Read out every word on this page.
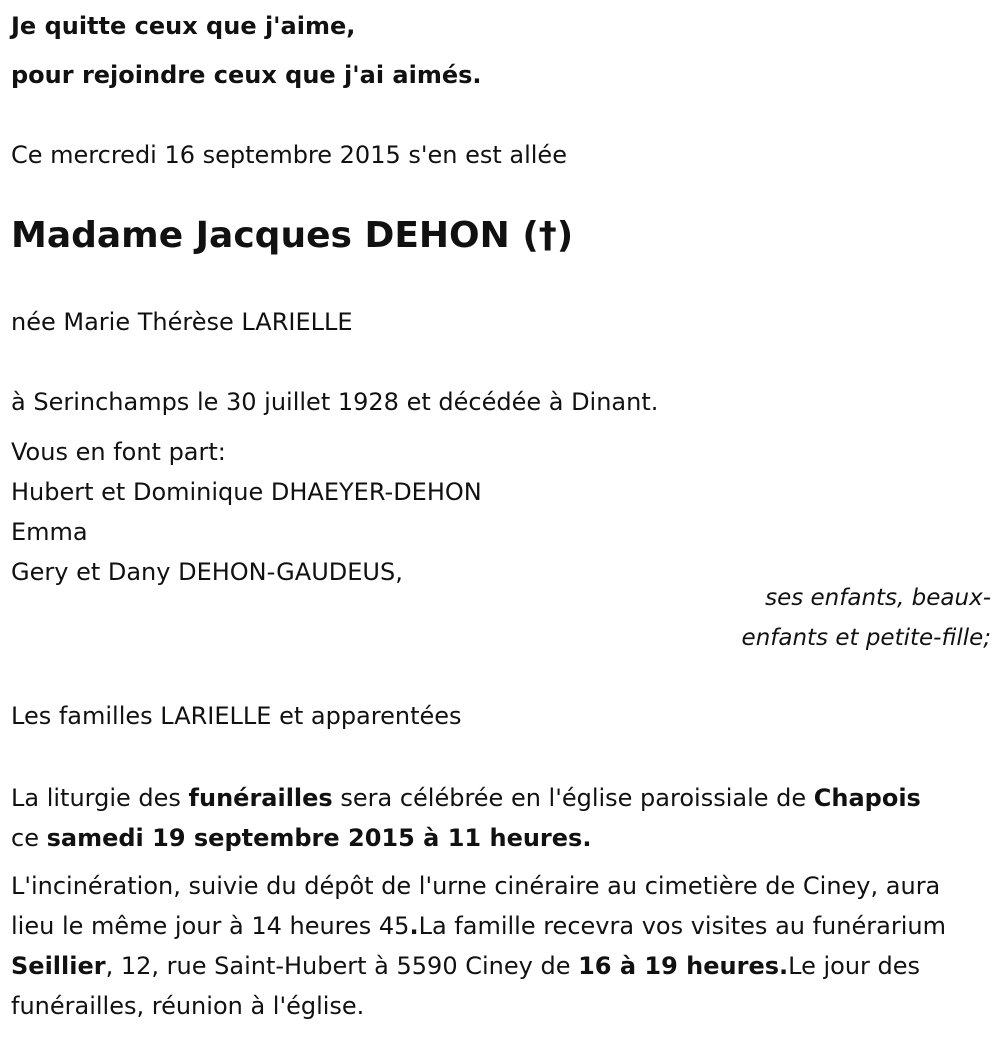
Je quitte ceux que j'aime,
pour rejoindre ceux que j'ai aimés.
Ce mercredi 16 septembre 2015 s'en est allée
Madame Jacques DEHON (†)
née Marie Thérèse LARIELLE
à Serinchamps le 30 juillet 1928 et décédée à Dinant.
Vous en font part:
Hubert et Dominique DHAEYER-DEHON
Emma
Gery et Dany DEHON-GAUDEUS,
ses enfants, beaux-enfants et petite-fille;
Les familles LARIELLE et apparentées
La liturgie des funérailles sera célébrée en l'église paroissiale de Chapois
ce samedi 19 septembre 2015 à 11 heures.
L'incinération, suivie du dépôt de l'urne cinéraire au cimetière de Ciney, aura lieu le même jour à 14 heures 45.La famille recevra vos visites au funérarium Seillier, 12, rue Saint-Hubert à 5590 Ciney de 16 à 19 heures.Le jour des funérailles, réunion à l'église.
